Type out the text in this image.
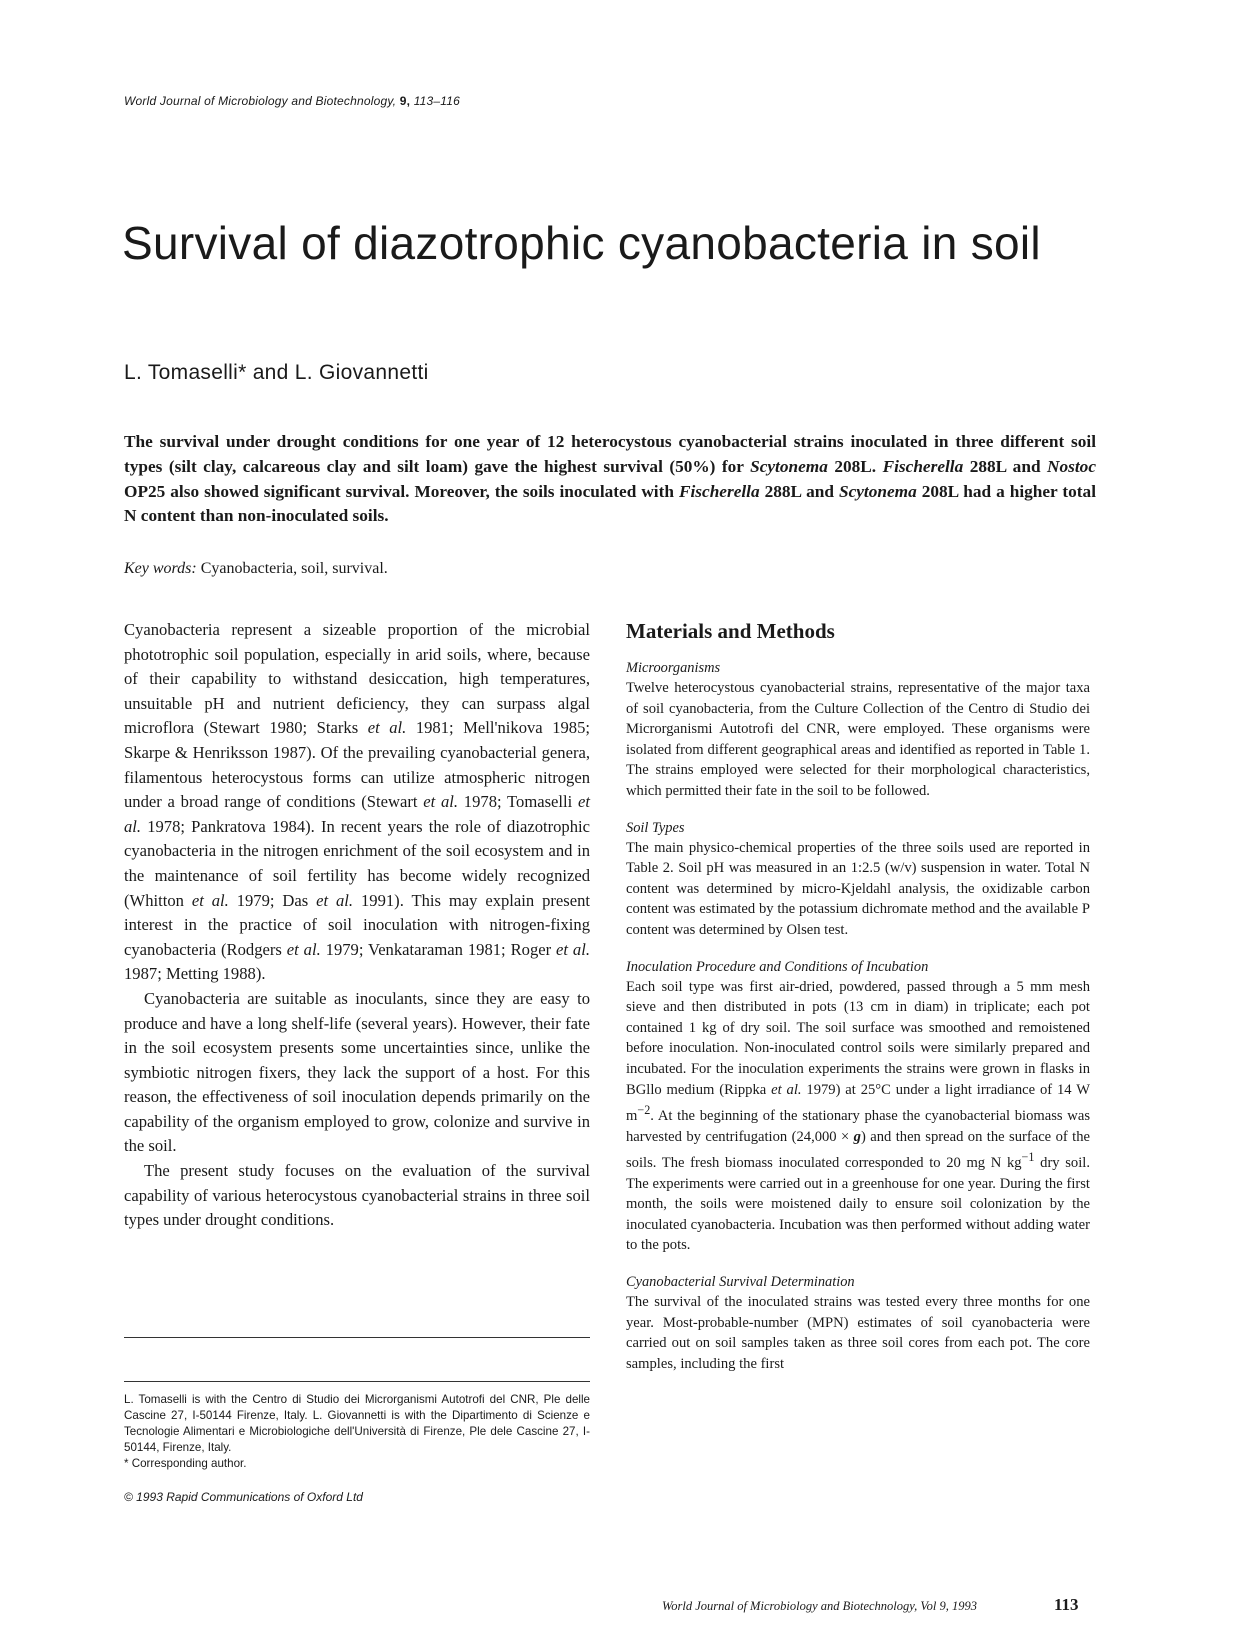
World Journal of Microbiology and Biotechnology, 9, 113–116
Survival of diazotrophic cyanobacteria in soil
L. Tomaselli* and L. Giovannetti

The survival under drought conditions for one year of 12 heterocystous cyanobacterial strains inoculated in three different soil types (silt clay, calcareous clay and silt loam) gave the highest survival (50%) for Scytonema 208L. Fischerella 288L and Nostoc OP25 also showed significant survival. Moreover, the soils inoculated with Fischerella 288L and Scytonema 208L had a higher total N content than non-inoculated soils.

Key words: Cyanobacteria, soil, survival.

Cyanobacteria represent a sizeable proportion of the microbial phototrophic soil population, especially in arid soils, where, because of their capability to withstand desiccation, high temperatures, unsuitable pH and nutrient deficiency, they can surpass algal microflora (Stewart 1980; Starks et al. 1981; Mell'nikova 1985; Skarpe & Henriksson 1987). Of the prevailing cyanobacterial genera, filamentous heterocystous forms can utilize atmospheric nitrogen under a broad range of conditions (Stewart et al. 1978; Tomaselli et al. 1978; Pankratova 1984). In recent years the role of diazotrophic cyanobacteria in the nitrogen enrichment of the soil ecosystem and in the maintenance of soil fertility has become widely recognized (Whitton et al. 1979; Das et al. 1991). This may explain present interest in the practice of soil inoculation with nitrogen-fixing cyanobacteria (Rodgers et al. 1979; Venkataraman 1981; Roger et al. 1987; Metting 1988).

Cyanobacteria are suitable as inoculants, since they are easy to produce and have a long shelf-life (several years). However, their fate in the soil ecosystem presents some uncertainties since, unlike the symbiotic nitrogen fixers, they lack the support of a host. For this reason, the effectiveness of soil inoculation depends primarily on the capability of the organism employed to grow, colonize and survive in the soil.

The present study focuses on the evaluation of the survival capability of various heterocystous cyanobacterial strains in three soil types under drought conditions.

L. Tomaselli is with the Centro di Studio dei Microrganismi Autotrofi del CNR, Ple delle Cascine 27, I-50144 Firenze, Italy. L. Giovannetti is with the Dipartimento di Scienze e Tecnologie Alimentari e Microbiologiche dell'Università di Firenze, Ple dele Cascine 27, I-50144, Firenze, Italy.
* Corresponding author.

© 1993 Rapid Communications of Oxford Ltd
Materials and Methods
Microorganisms

Twelve heterocystous cyanobacterial strains, representative of the major taxa of soil cyanobacteria, from the Culture Collection of the Centro di Studio dei Microrganismi Autotrofi del CNR, were employed. These organisms were isolated from different geographical areas and identified as reported in Table 1. The strains employed were selected for their morphological characteristics, which permitted their fate in the soil to be followed.

Soil Types

The main physico-chemical properties of the three soils used are reported in Table 2. Soil pH was measured in an 1:2.5 (w/v) suspension in water. Total N content was determined by micro-Kjeldahl analysis, the oxidizable carbon content was estimated by the potassium dichromate method and the available P content was determined by Olsen test.

Inoculation Procedure and Conditions of Incubation

Each soil type was first air-dried, powdered, passed through a 5 mm mesh sieve and then distributed in pots (13 cm in diam) in triplicate; each pot contained 1 kg of dry soil. The soil surface was smoothed and remoistened before inoculation. Non-inoculated control soils were similarly prepared and incubated. For the inoculation experiments the strains were grown in flasks in BGllo medium (Rippka et al. 1979) at 25°C under a light irradiance of 14 W $m^{-2}$. At the beginning of the stationary phase the cyanobacterial biomass was harvested by centrifugation (24,000 × g) and then spread on the surface of the soils. The fresh biomass inoculated corresponded to 20 mg N $kg^{-1}$ dry soil. The experiments were carried out in a greenhouse for one year. During the first month, the soils were moistened daily to ensure soil colonization by the inoculated cyanobacteria. Incubation was then performed without adding water to the pots.

Cyanobacterial Survival Determination

The survival of the inoculated strains was tested every three months for one year. Most-probable-number (MPN) estimates of soil cyanobacteria were carried out on soil samples taken as three soil cores from each pot. The core samples, including the first

World Journal of Microbiology and Biotechnology, Vol 9, 1993	113
